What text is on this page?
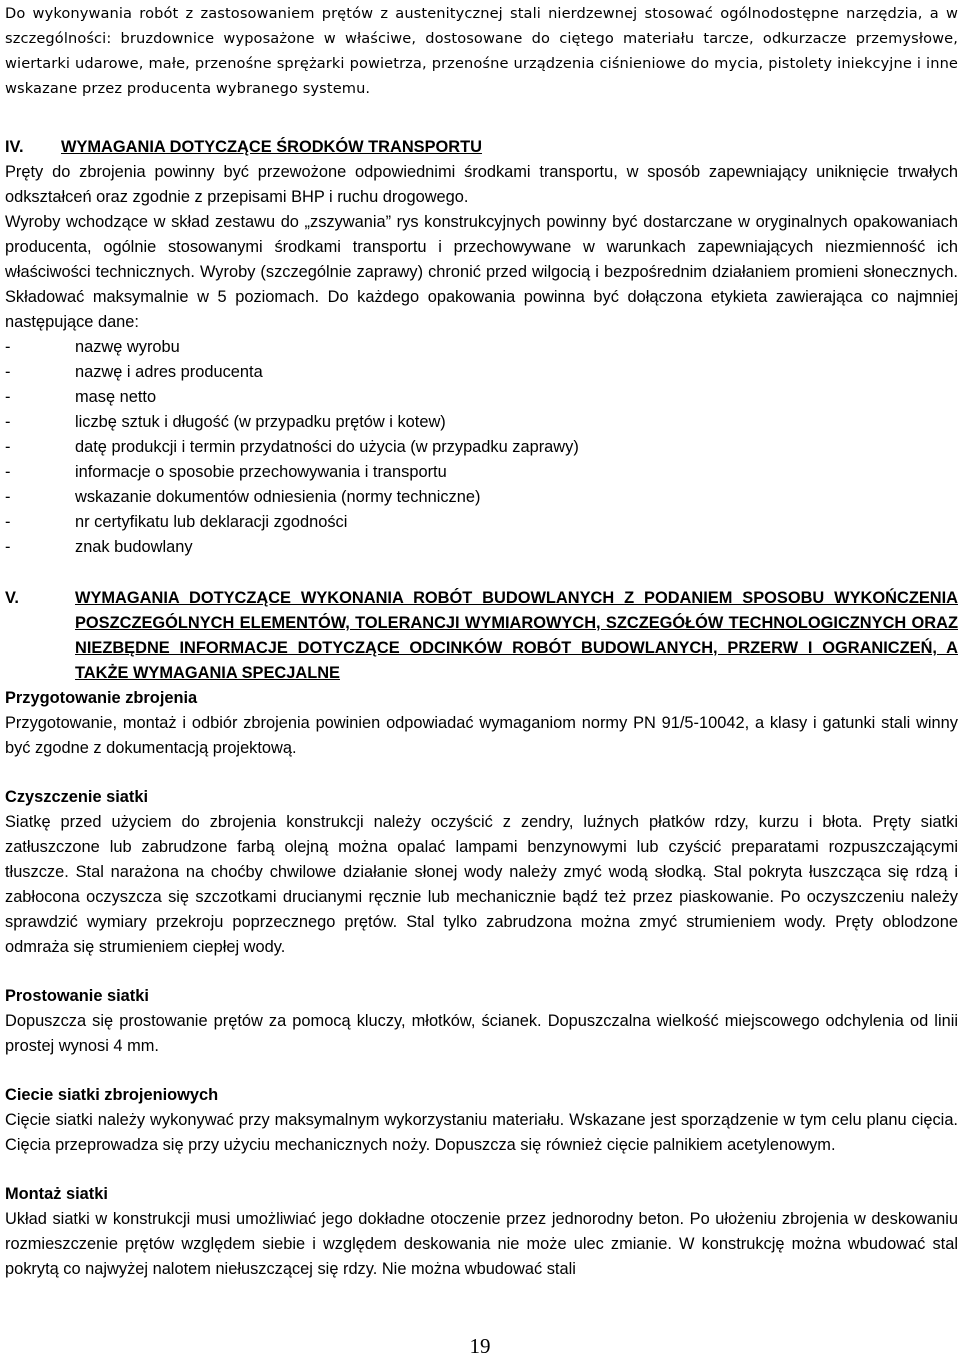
Do wykonywania robót z zastosowaniem prętów z austenitycznej stali nierdzewnej stosować ogólnodostępne narzędzia, a w szczególności: bruzdownice wyposażone w właściwe, dostosowane do ciętego materiału tarcze, odkurzacze przemysłowe, wiertarki udarowe, małe, przenośne sprężarki powietrza, przenośne urządzenia ciśnieniowe do mycia, pistolety iniekcyjne i inne wskazane przez producenta wybranego systemu.

IV. WYMAGANIA DOTYCZĄCE ŚRODKÓW TRANSPORTU

Pręty do zbrojenia powinny być przewożone odpowiednimi środkami transportu, w sposób zapewniający uniknięcie trwałych odkształceń oraz zgodnie z przepisami BHP i ruchu drogowego.

Wyroby wchodzące w skład zestawu do „zszywania” rys konstrukcyjnych powinny być dostarczane w oryginalnych opakowaniach producenta, ogólnie stosowanymi środkami transportu i przechowywane w warunkach zapewniających niezmienność ich właściwości technicznych. Wyroby (szczególnie zaprawy) chronić przed wilgocią i bezpośrednim działaniem promieni słonecznych. Składować maksymalnie w 5 poziomach. Do każdego opakowania powinna być dołączona etykieta zawierająca co najmniej następujące dane:

-	nazwę wyrobu
-	nazwę i adres producenta
-	masę netto
-	liczbę sztuk i długość (w przypadku prętów i kotew)
-	datę produkcji i termin przydatności do użycia (w przypadku zaprawy)
-	informacje o sposobie przechowywania i transportu
-	wskazanie dokumentów odniesienia (normy techniczne)
-	nr certyfikatu lub deklaracji zgodności
-	znak budowlany
V.	WYMAGANIA DOTYCZĄCE WYKONANIA ROBÓT BUDOWLANYCH Z PODANIEM SPOSOBU WYKOŃCZENIA POSZCZEGÓLNYCH ELEMENTÓW, TOLERANCJI WYMIAROWYCH, SZCZEGÓŁÓW TECHNOLOGICZNYCH ORAZ NIEZBĘDNE INFORMACJE DOTYCZĄCE ODCINKÓW ROBÓT BUDOWLANYCH, PRZERW I OGRANICZEŃ, A TAKŻE WYMAGANIA SPECJALNE

Przygotowanie zbrojenia

Przygotowanie, montaż i odbiór zbrojenia powinien odpowiadać wymaganiom normy PN 91/5-10042, a klasy i gatunki stali winny być zgodne z dokumentacją projektową.

Czyszczenie siatki

Siatkę przed użyciem do zbrojenia konstrukcji należy oczyścić z zendry, luźnych płatków rdzy, kurzu i błota. Pręty siatki zatłuszczone lub zabrudzone farbą olejną można opalać lampami benzynowymi lub czyścić preparatami rozpuszczającymi tłuszcze. Stal narażona na choćby chwilowe działanie słonej wody należy zmyć wodą słodką. Stal pokryta łuszcząca się rdzą i zabłocona oczyszcza się szczotkami drucianymi ręcznie lub mechanicznie bądź też przez piaskowanie. Po oczyszczeniu należy sprawdzić wymiary przekroju poprzecznego prętów. Stal tylko zabrudzona można zmyć strumieniem wody. Pręty oblodzone odmraża się strumieniem ciepłej wody.

Prostowanie siatki

Dopuszcza się prostowanie prętów za pomocą kluczy, młotków, ścianek. Dopuszczalna wielkość miejscowego odchylenia od linii prostej wynosi 4 mm.

Ciecie siatki zbrojeniowych

Cięcie siatki należy wykonywać przy maksymalnym wykorzystaniu materiału. Wskazane jest sporządzenie w tym celu planu cięcia. Cięcia przeprowadza się przy użyciu mechanicznych noży. Dopuszcza się również cięcie palnikiem acetylenowym.

Montaż siatki

Układ siatki w konstrukcji musi umożliwiać jego dokładne otoczenie przez jednorodny beton. Po ułożeniu zbrojenia w deskowaniu rozmieszczenie prętów względem siebie i względem deskowania nie może ulec zmianie. W konstrukcję można wbudować stal pokrytą co najwyżej nalotem niełuszczącej się rdzy. Nie można wbudować stali

19
